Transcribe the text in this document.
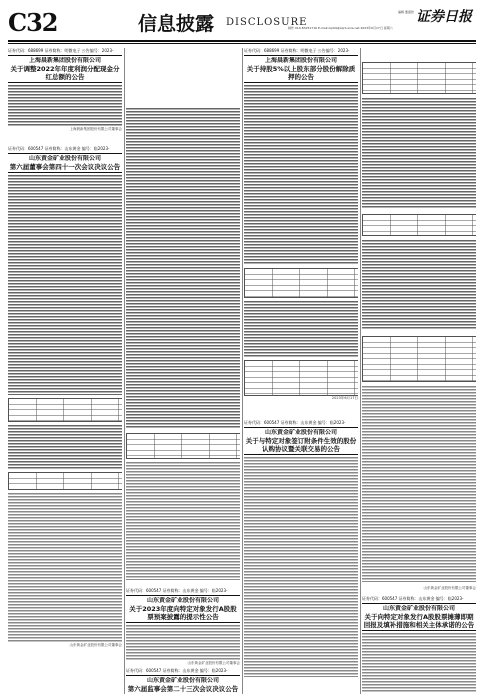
C32	信息披露 DISCLOSURE
编辑 董嘉欣 证券日报
制作 010-83251716 E-mail:zqrb9@zqrb.sina.net 2023年6月17日 星期六
证券代码：688699 证券简称：明微电子 公告编号：2023-
上海晨新集团股份有限公司
关于调整2022年年度利润分配现金分红总额的公告
上海晨新集团股份有限公司董事会
证券代码：600547 证券简称：山东黄金 编号：临2023-
山东黄金矿业股份有限公司
第六届董事会第四十一次会议决议公告
山东黄金矿业股份有限公司董事会
证券代码：600547 证券简称：山东黄金 编号：临2023-
山东黄金矿业股份有限公司
关于2023年度向特定对象发行A股股票预案披露的提示性公告
山东黄金矿业股份有限公司董事会
证券代码：600547 证券简称：山东黄金 编号：临2023-
山东黄金矿业股份有限公司
第六届监事会第二十三次会议决议公告
证券代码：688699 证券简称：明微电子 公告编号：2023-
上海晨新集团股份有限公司
关于持股5%以上股东部分股份解除质押的公告
2023年6月17日
证券代码：600547 证券简称：山东黄金 编号：临2023-
山东黄金矿业股份有限公司
关于与特定对象签订附条件生效的股份认购协议暨关联交易的公告
山东黄金矿业股份有限公司董事会
证券代码：600547 证券简称：山东黄金 编号：临2023-
山东黄金矿业股份有限公司
关于向特定对象发行A股股票摊薄即期回报及填补措施和相关主体承诺的公告
